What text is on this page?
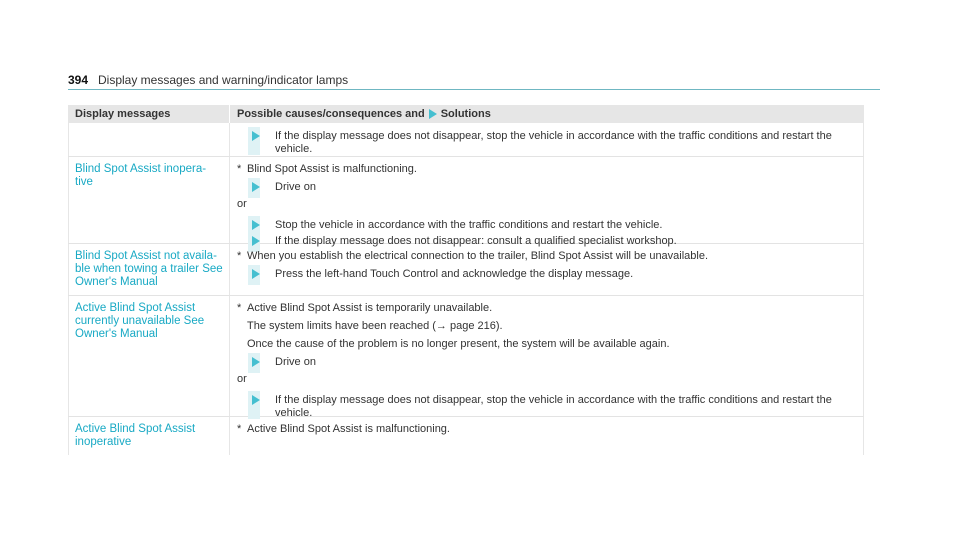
394 Display messages and warning/indicator lamps
Display messages	Possible causes/consequences and Solutions
If the display message does not disappear, stop the vehicle in accordance with the traffic conditions and restart the vehicle.
Blind Spot Assist inopera-tive
* Blind Spot Assist is malfunctioning.
Drive on
or
Stop the vehicle in accordance with the traffic conditions and restart the vehicle.
If the display message does not disappear: consult a qualified specialist workshop.
Blind Spot Assist not availa-ble when towing a trailer See Owner's Manual
* When you establish the electrical connection to the trailer, Blind Spot Assist will be unavailable.
Press the left-hand Touch Control and acknowledge the display message.
Active Blind Spot Assist currently unavailable See Owner's Manual
* Active Blind Spot Assist is temporarily unavailable.
The system limits have been reached (→ page 216).
Once the cause of the problem is no longer present, the system will be available again.
Drive on
or
If the display message does not disappear, stop the vehicle in accordance with the traffic conditions and restart the vehicle.
Active Blind Spot Assist inoperative
* Active Blind Spot Assist is malfunctioning.
